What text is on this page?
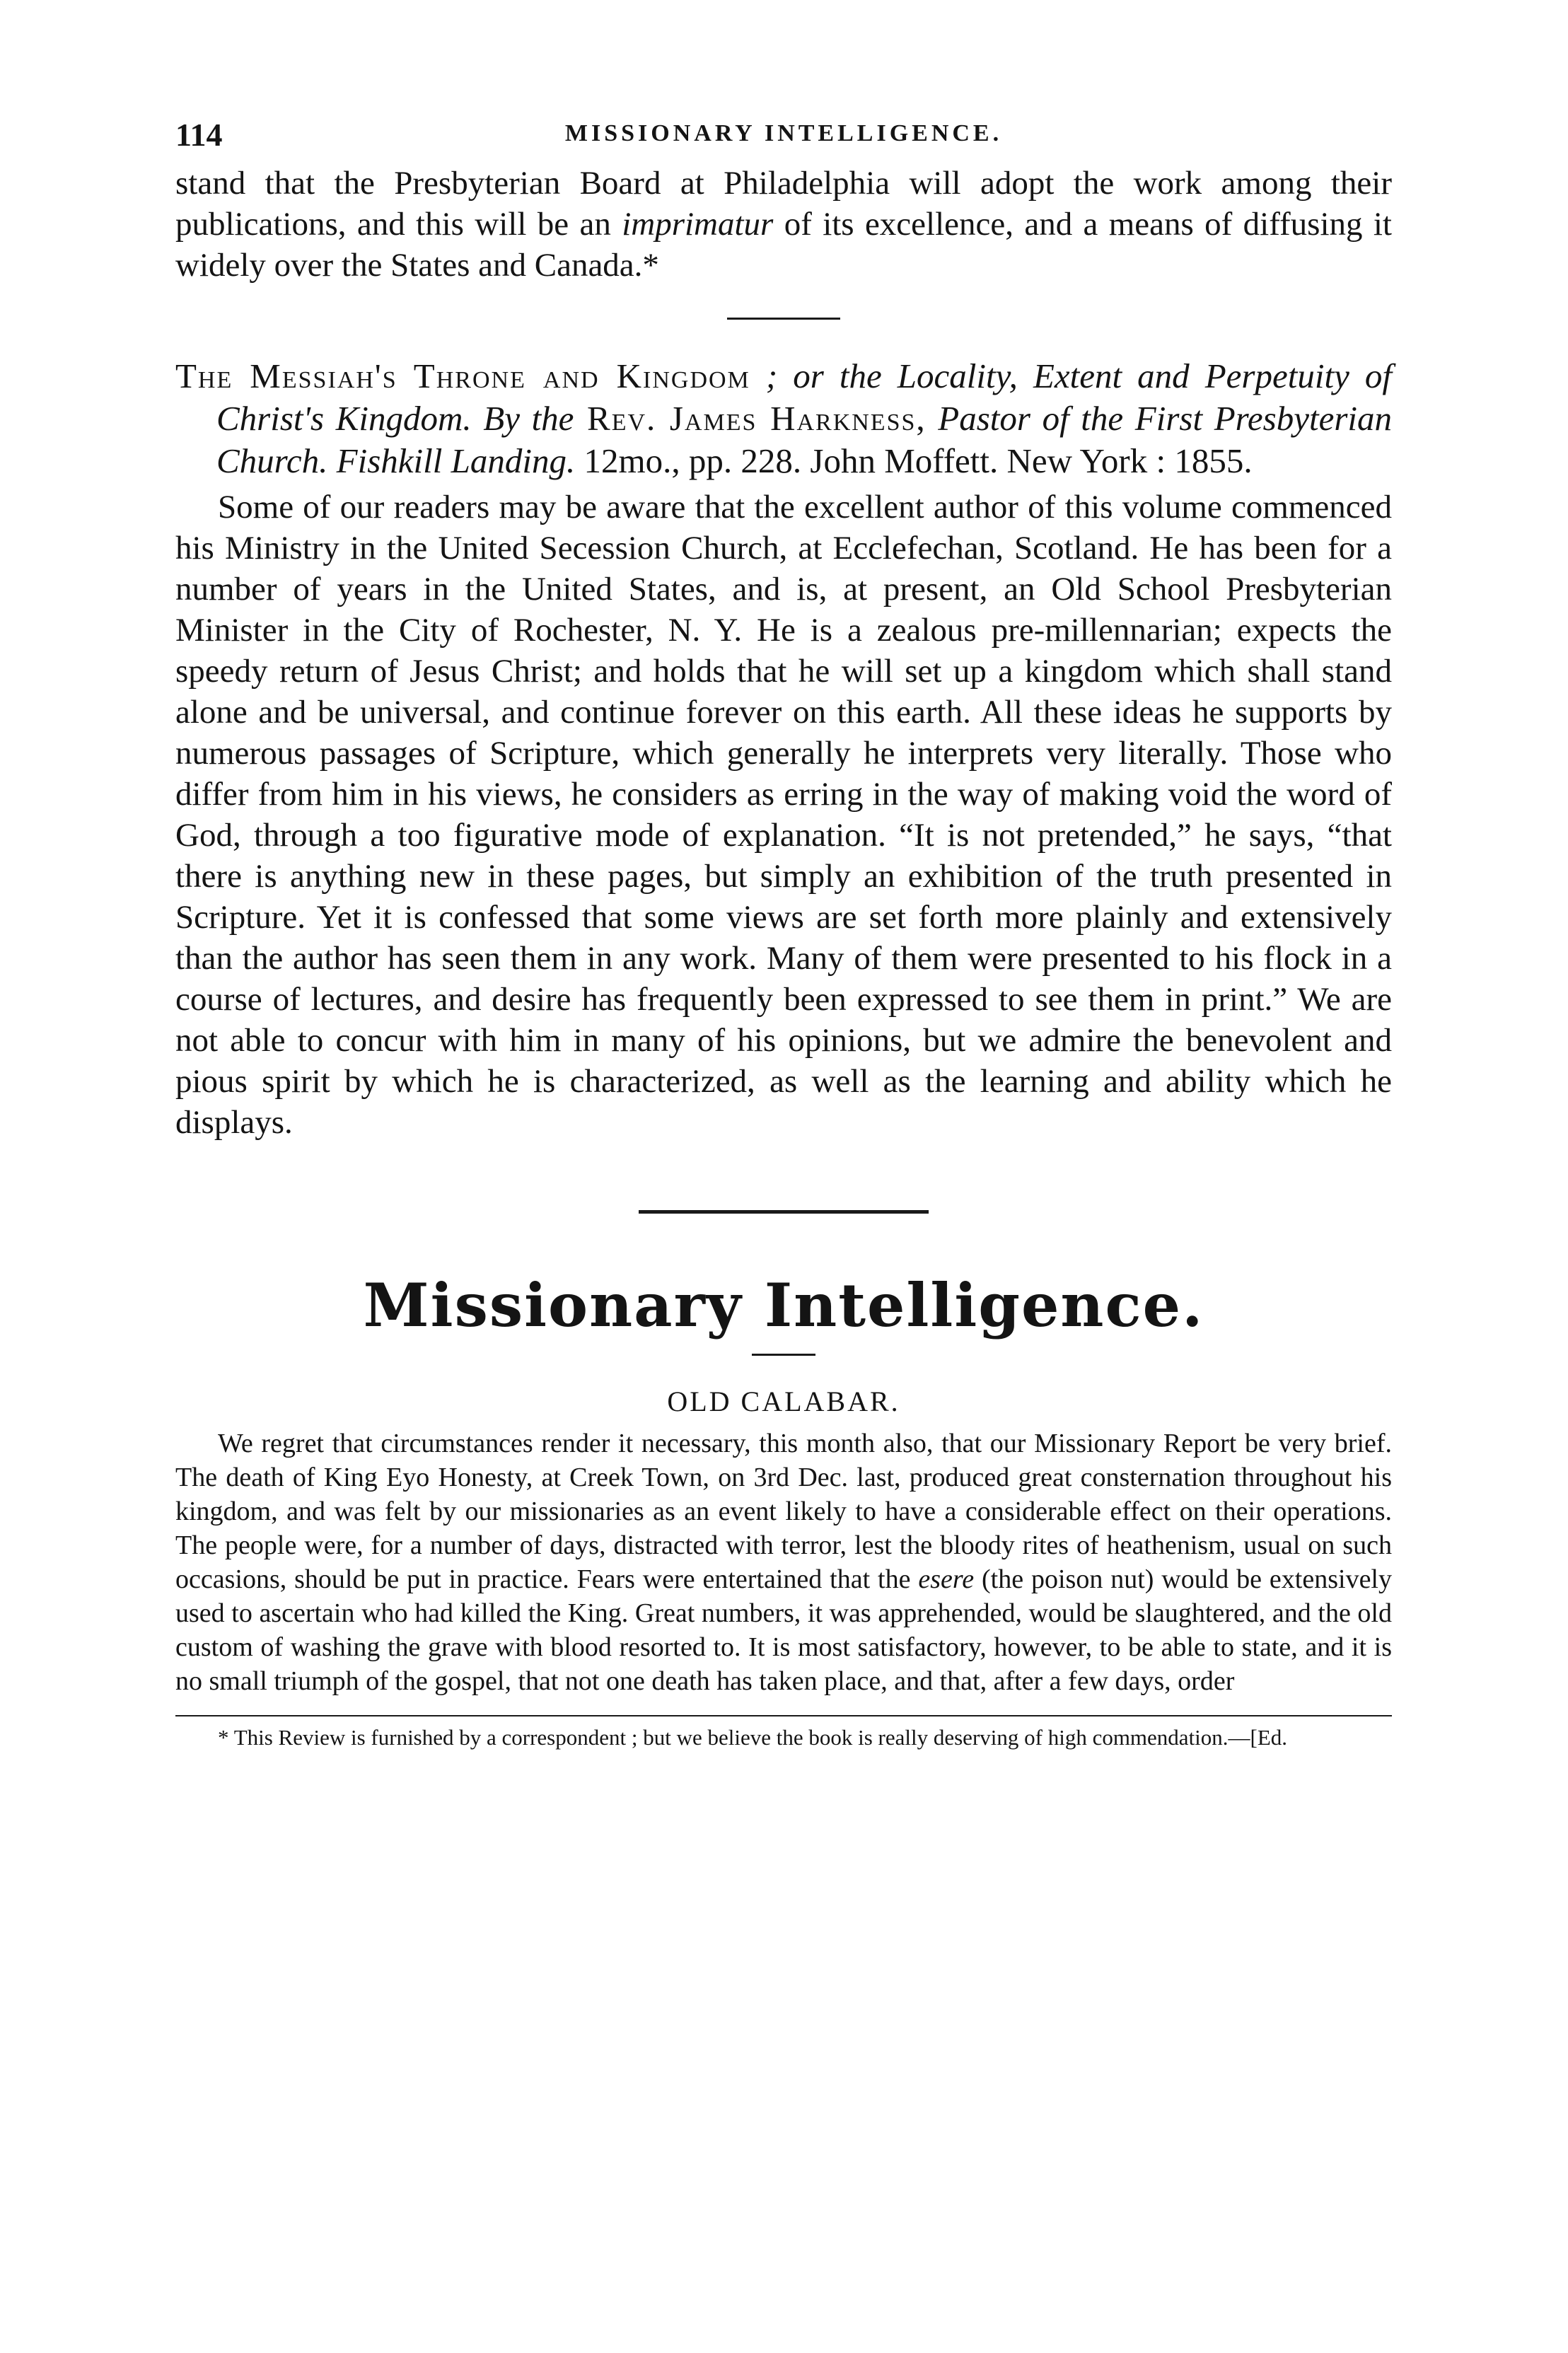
114	MISSIONARY INTELLIGENCE.

stand that the Presbyterian Board at Philadelphia will adopt the work among their publications, and this will be an imprimatur of its excellence, and a means of diffusing it widely over the States and Canada.*

The Messiah's Throne and Kingdom ; or the Locality, Extent and Perpetuity of Christ's Kingdom. By the Rev. James Harkness, Pastor of the First Presbyterian Church. Fishkill Landing. 12mo., pp. 228. John Moffett. New York : 1855.

Some of our readers may be aware that the excellent author of this volume commenced his Ministry in the United Secession Church, at Ecclefechan, Scotland. He has been for a number of years in the United States, and is, at present, an Old School Presbyterian Minister in the City of Rochester, N. Y. He is a zealous pre-millennarian; expects the speedy return of Jesus Christ; and holds that he will set up a kingdom which shall stand alone and be universal, and continue forever on this earth. All these ideas he supports by numerous passages of Scripture, which generally he interprets very literally. Those who differ from him in his views, he considers as erring in the way of making void the word of God, through a too figurative mode of explanation. “It is not pretended,” he says, “that there is anything new in these pages, but simply an exhibition of the truth presented in Scripture. Yet it is confessed that some views are set forth more plainly and extensively than the author has seen them in any work. Many of them were presented to his flock in a course of lectures, and desire has frequently been expressed to see them in print.” We are not able to concur with him in many of his opinions, but we admire the benevolent and pious spirit by which he is characterized, as well as the learning and ability which he displays.

Missionary Intelligence.
OLD CALABAR.

We regret that circumstances render it necessary, this month also, that our Missionary Report be very brief. The death of King Eyo Honesty, at Creek Town, on 3rd Dec. last, produced great consternation throughout his kingdom, and was felt by our missionaries as an event likely to have a considerable effect on their operations. The people were, for a number of days, distracted with terror, lest the bloody rites of heathenism, usual on such occasions, should be put in practice. Fears were entertained that the esere (the poison nut) would be extensively used to ascertain who had killed the King. Great numbers, it was apprehended, would be slaughtered, and the old custom of washing the grave with blood resorted to. It is most satisfactory, however, to be able to state, and it is no small triumph of the gospel, that not one death has taken place, and that, after a few days, order

* This Review is furnished by a correspondent ; but we believe the book is really deserving of high commendation.—[Ed.
